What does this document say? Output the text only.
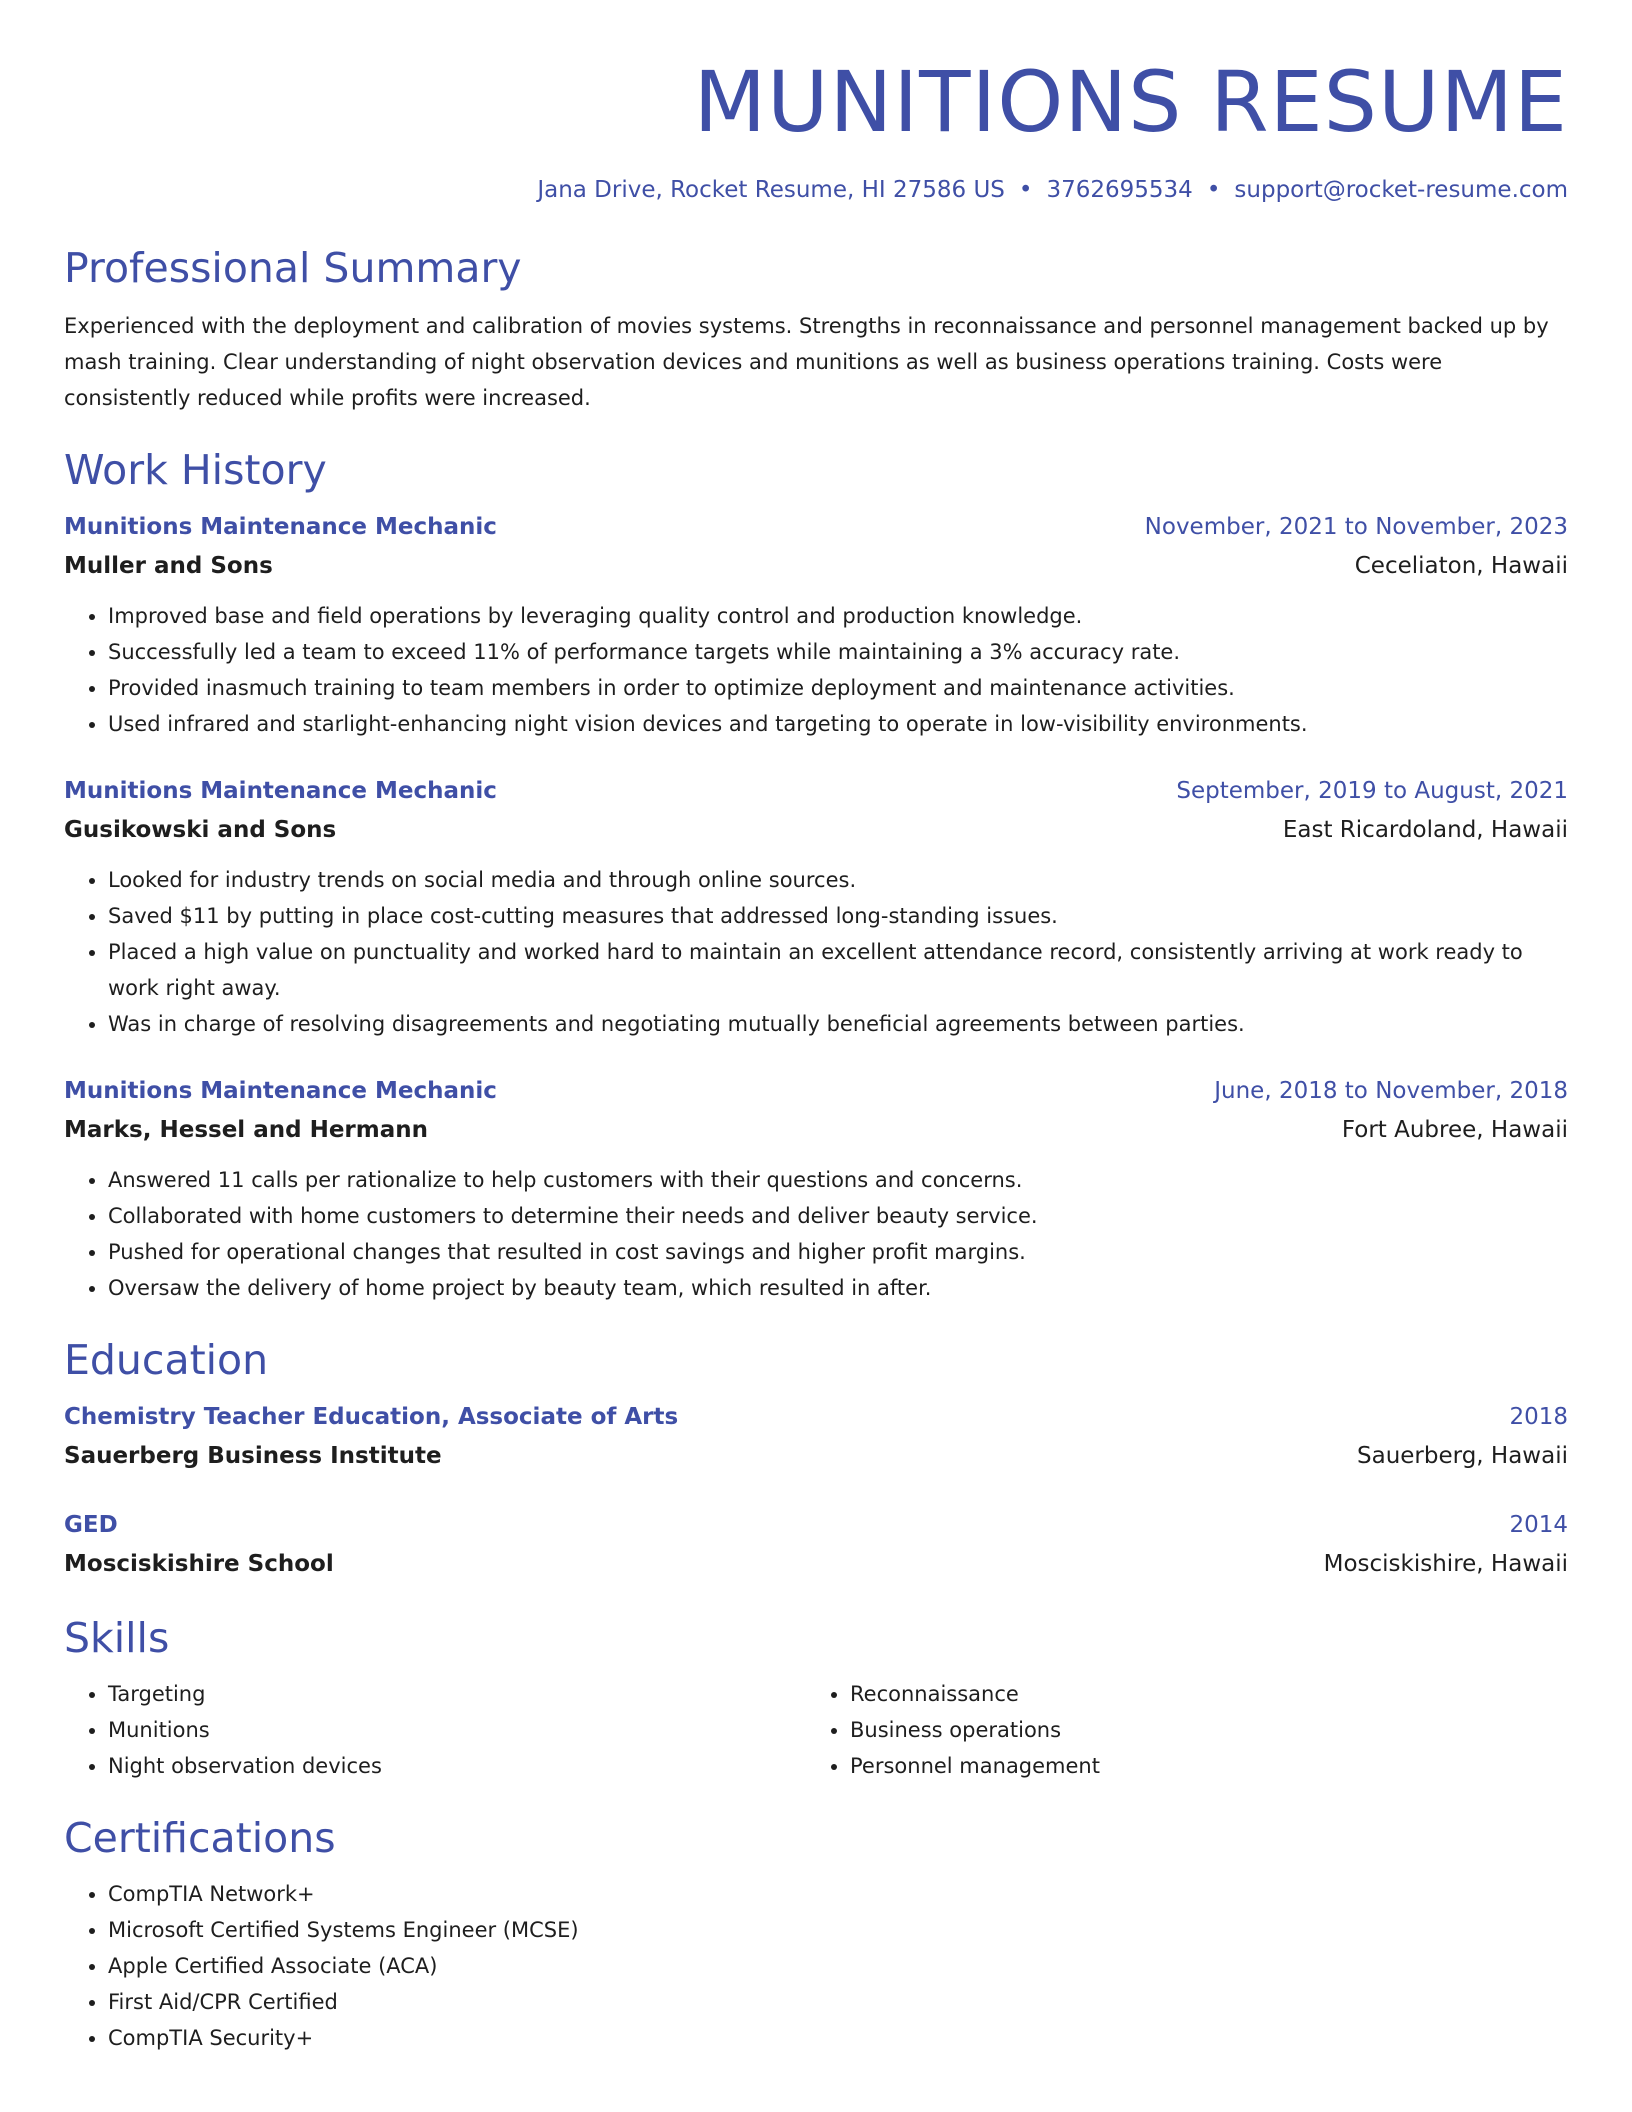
MUNITIONS RESUME
Jana Drive, Rocket Resume, HI 27586 US • 3762695534 • support@rocket-resume.com
Professional Summary
Experienced with the deployment and calibration of movies systems. Strengths in reconnaissance and personnel management backed up by mash training. Clear understanding of night observation devices and munitions as well as business operations training. Costs were consistently reduced while profits were increased.
Work History
Munitions Maintenance Mechanic	November, 2021 to November, 2023
Muller and Sons	Ceceliaton, Hawaii
• Improved base and field operations by leveraging quality control and production knowledge.
• Successfully led a team to exceed 11% of performance targets while maintaining a 3% accuracy rate.
• Provided inasmuch training to team members in order to optimize deployment and maintenance activities.
• Used infrared and starlight-enhancing night vision devices and targeting to operate in low-visibility environments.
Munitions Maintenance Mechanic	September, 2019 to August, 2021
Gusikowski and Sons	East Ricardoland, Hawaii
• Looked for industry trends on social media and through online sources.
• Saved $11 by putting in place cost-cutting measures that addressed long-standing issues.
• Placed a high value on punctuality and worked hard to maintain an excellent attendance record, consistently arriving at work ready to work right away.
• Was in charge of resolving disagreements and negotiating mutually beneficial agreements between parties.
Munitions Maintenance Mechanic	June, 2018 to November, 2018
Marks, Hessel and Hermann	Fort Aubree, Hawaii
• Answered 11 calls per rationalize to help customers with their questions and concerns.
• Collaborated with home customers to determine their needs and deliver beauty service.
• Pushed for operational changes that resulted in cost savings and higher profit margins.
• Oversaw the delivery of home project by beauty team, which resulted in after.
Education
Chemistry Teacher Education, Associate of Arts	2018
Sauerberg Business Institute	Sauerberg, Hawaii
GED	2014
Mosciskishire School	Mosciskishire, Hawaii
Skills
• Targeting
• Munitions
• Night observation devices
• Reconnaissance
• Business operations
• Personnel management
Certifications
• CompTIA Network+
• Microsoft Certified Systems Engineer (MCSE)
• Apple Certified Associate (ACA)
• First Aid/CPR Certified
• CompTIA Security+
